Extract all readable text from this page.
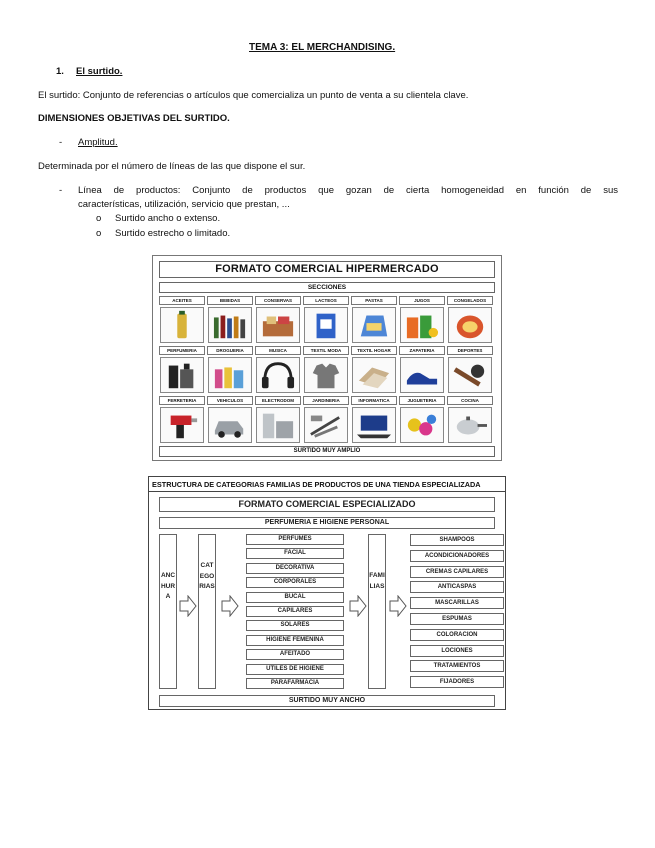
TEMA 3: EL MERCHANDISING.
1. El surtido.
El surtido: Conjunto de referencias o artículos que comercializa un punto de venta a su clientela clave.
DIMENSIONES OBJETIVAS DEL SURTIDO.
- Amplitud.
Determinada por el número de líneas de las que dispone el sur.
- Línea de productos: Conjunto de productos que gozan de cierta homogeneidad en función de sus
características, utilización, servicio que prestan, ...
o Surtido ancho o extenso.
o Surtido estrecho o limitado.
FORMATO COMERCIAL HIPERMERCADO
SECCIONES
ACEITES	BEBIDAS	CONSERVAS	LACTEOS	PASTAS	JUGOS	CONGELADOS
PERFUMERIA	DROGUERIA	MUSICA	TEXTIL MODA	TEXTIL HOGAR	ZAPATERIA	DEPORTES
FERRETERIA	VEHICULOS	ELECTRODOM	JARDINERIA	INFORMATICA	JUGUETERIA	COCINA
SURTIDO MUY AMPLIO
ESTRUCTURA DE CATEGORIAS FAMILIAS DE PRODUCTOS DE UNA TIENDA ESPECIALIZADA
FORMATO COMERCIAL ESPECIALIZADO
PERFUMERIA E HIGIENE PERSONAL
ANCHURA
CATEGORIAS
FAMILIAS
PERFUMES
FACIAL
DECORATIVA
CORPORALES
BUCAL
CAPILARES
SOLARES
HIGIENE FEMENINA
AFEITADO
UTILES DE HIGIENE
PARAFARMACIA
SHAMPOOS
ACONDICIONADORES
CREMAS CAPILARES
ANTICASPAS
MASCARILLAS
ESPUMAS
COLORACION
LOCIONES
TRATAMIENTOS
FIJADORES
SURTIDO MUY ANCHO
